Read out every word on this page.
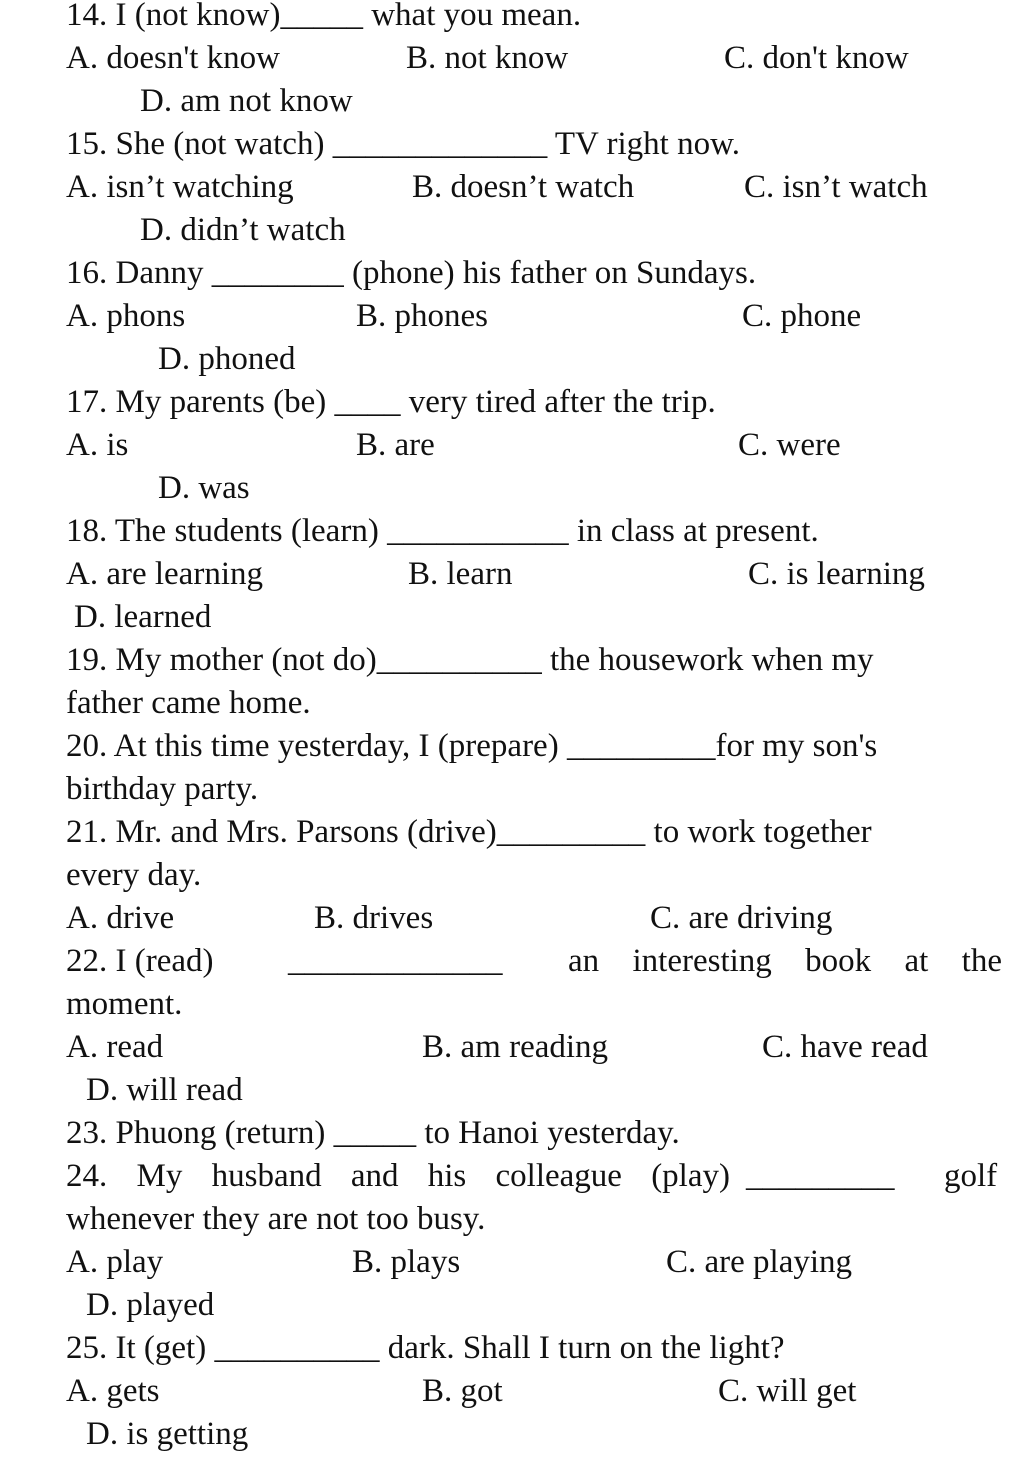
14. I (not know)_____ what you mean.
A. doesn't know	B. not know	C. don't know
D. am not know
15. She (not watch) _____________ TV right now.
A. isn’t watching	B. doesn’t watch	C. isn’t watch
D. didn’t watch
16. Danny ________ (phone) his father on Sundays.
A. phons	B. phones	C. phone
D. phoned
17. My parents (be) ____ very tired after the trip.
A. is	B. are	C. were
D. was
18. The students (learn) ___________ in class at present.
A. are learning	B. learn	C. is learning
D. learned
19. My mother (not do)__________ the housework when my
father came home.
20. At this time yesterday, I (prepare) _________for my son's
birthday party.
21. Mr. and Mrs. Parsons (drive)_________ to work together
every day.
A. drive	B. drives	C. are driving
22. I (read) _____________ an interesting book at the
moment.
A. read	B. am reading	C. have read
D. will read
23. Phuong (return) _____ to Hanoi yesterday.
24. My husband and his colleague (play) _________ golf
whenever they are not too busy.
A. play	B. plays	C. are playing
D. played
25. It (get) __________ dark. Shall I turn on the light?
A. gets	B. got	C. will get
D. is getting
